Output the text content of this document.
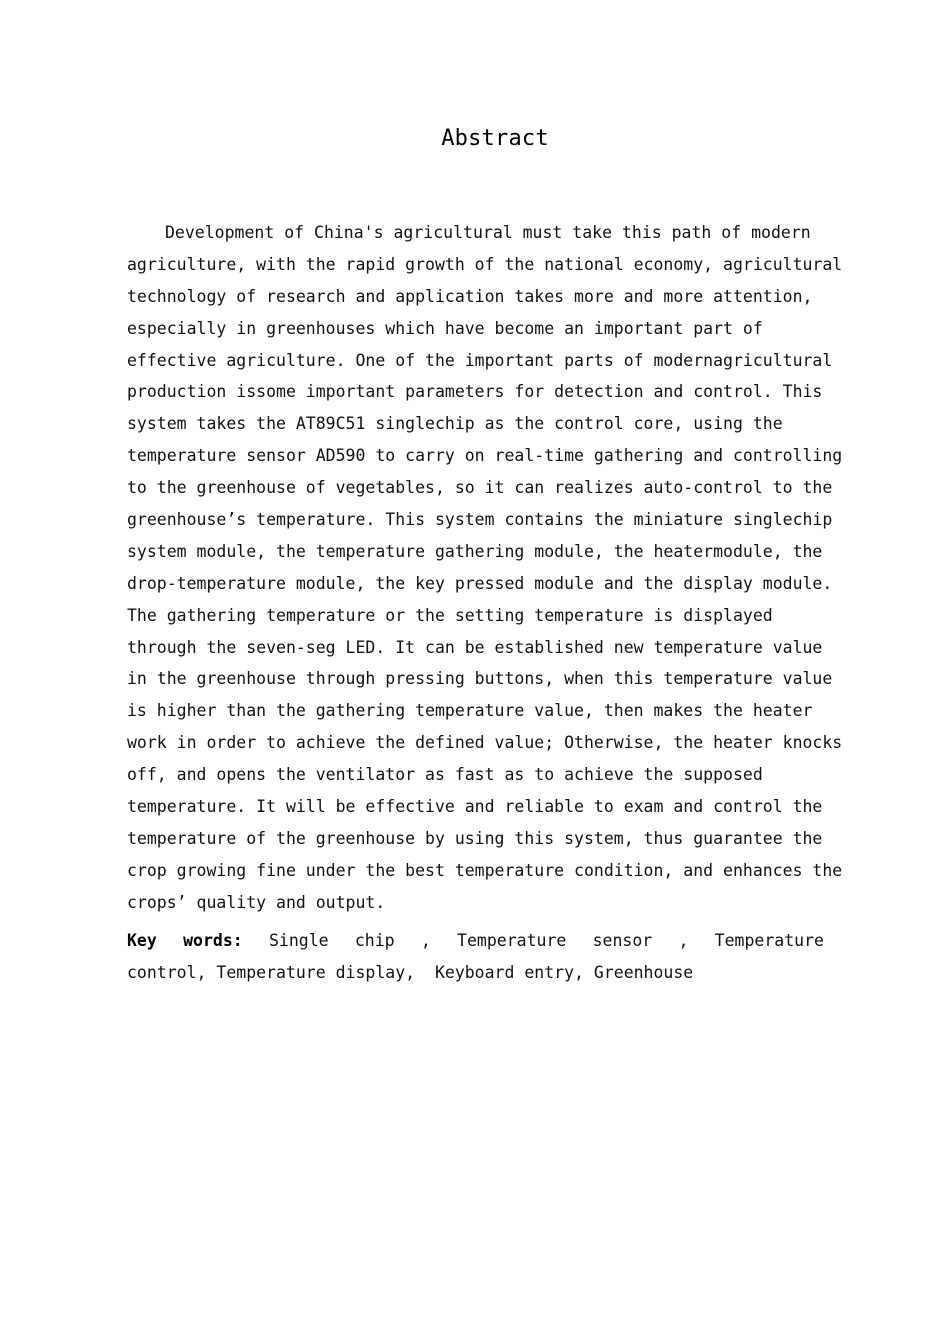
Abstract
Development of China's agricultural must take this path of modern
agriculture, with the rapid growth of the national economy, agricultural
technology of research and application takes more and more attention,
especially in greenhouses which have become an important part of
effective agriculture. One of the important parts of modernagricultural
production issome important parameters for detection and control. This
system takes the AT89C51 singlechip as the control core, using the
temperature sensor AD590 to carry on real-time gathering and controlling
to the greenhouse of vegetables, so it can realizes auto-control to the
greenhouse’s temperature. This system contains the miniature singlechip
system module, the temperature gathering module, the heatermodule, the
drop-temperature module, the key pressed module and the display module.
The gathering temperature or the setting temperature is displayed
through the seven-seg LED. It can be established new temperature value
in the greenhouse through pressing buttons, when this temperature value
is higher than the gathering temperature value, then makes the heater
work in order to achieve the defined value; Otherwise, the heater knocks
off, and opens the ventilator as fast as to achieve the supposed
temperature. It will be effective and reliable to exam and control the
temperature of the greenhouse by using this system, thus guarantee the
crop growing fine under the best temperature condition, and enhances the
crops’ quality and output.
Key words: Single chip , Temperature sensor , Temperature
control, Temperature display,  Keyboard entry, Greenhouse
